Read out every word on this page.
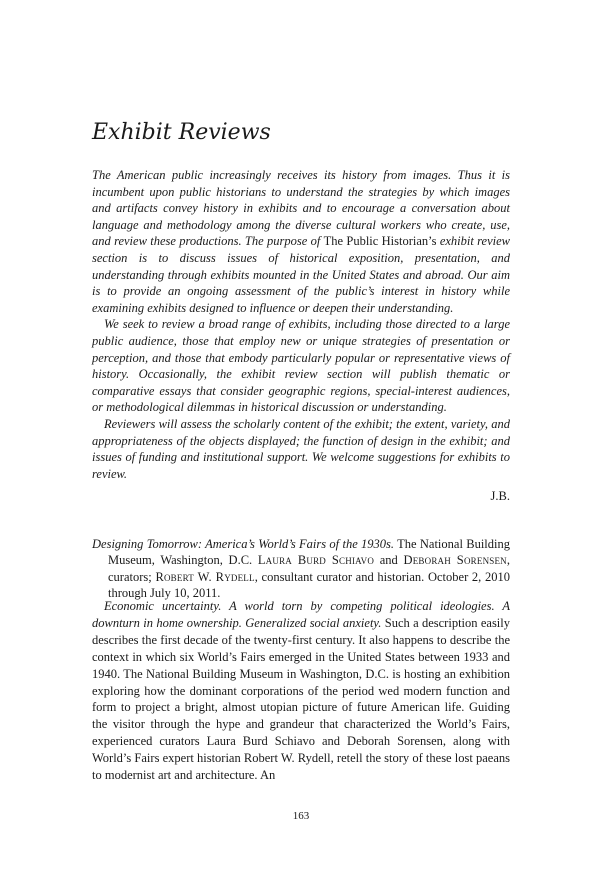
Exhibit Reviews

The American public increasingly receives its history from images. Thus it is incumbent upon public historians to understand the strategies by which images and artifacts convey history in exhibits and to encourage a conversation about language and methodology among the diverse cultural workers who create, use, and review these productions. The purpose of The Public Historian’s exhibit review section is to discuss issues of historical exposition, presentation, and understanding through exhibits mounted in the United States and abroad. Our aim is to provide an ongoing assessment of the public’s interest in history while examining exhibits designed to influence or deepen their understanding.

We seek to review a broad range of exhibits, including those directed to a large public audience, those that employ new or unique strategies of presentation or perception, and those that embody particularly popular or representative views of history. Occasionally, the exhibit review section will publish thematic or comparative essays that consider geographic regions, special-interest audiences, or methodological dilemmas in historical discussion or understanding.

Reviewers will assess the scholarly content of the exhibit; the extent, variety, and appropriateness of the objects displayed; the function of design in the exhibit; and issues of funding and institutional support. We welcome suggestions for exhibits to review.

J.B.
Designing Tomorrow: America’s World’s Fairs of the 1930s. The National Building Museum, Washington, D.C. Laura Burd Schiavo and Deborah Sorensen, curators; Robert W. Rydell, consultant curator and historian. October 2, 2010 through July 10, 2011.

Economic uncertainty. A world torn by competing political ideologies. A downturn in home ownership. Generalized social anxiety. Such a description easily describes the first decade of the twenty-first century. It also happens to describe the context in which six World’s Fairs emerged in the United States between 1933 and 1940. The National Building Museum in Washington, D.C. is hosting an exhibition exploring how the dominant corporations of the period wed modern function and form to project a bright, almost utopian picture of future American life. Guiding the visitor through the hype and grandeur that characterized the World’s Fairs, experienced curators Laura Burd Schiavo and Deborah Sorensen, along with World’s Fairs expert historian Robert W. Rydell, retell the story of these lost paeans to modernist art and architecture. An

163
